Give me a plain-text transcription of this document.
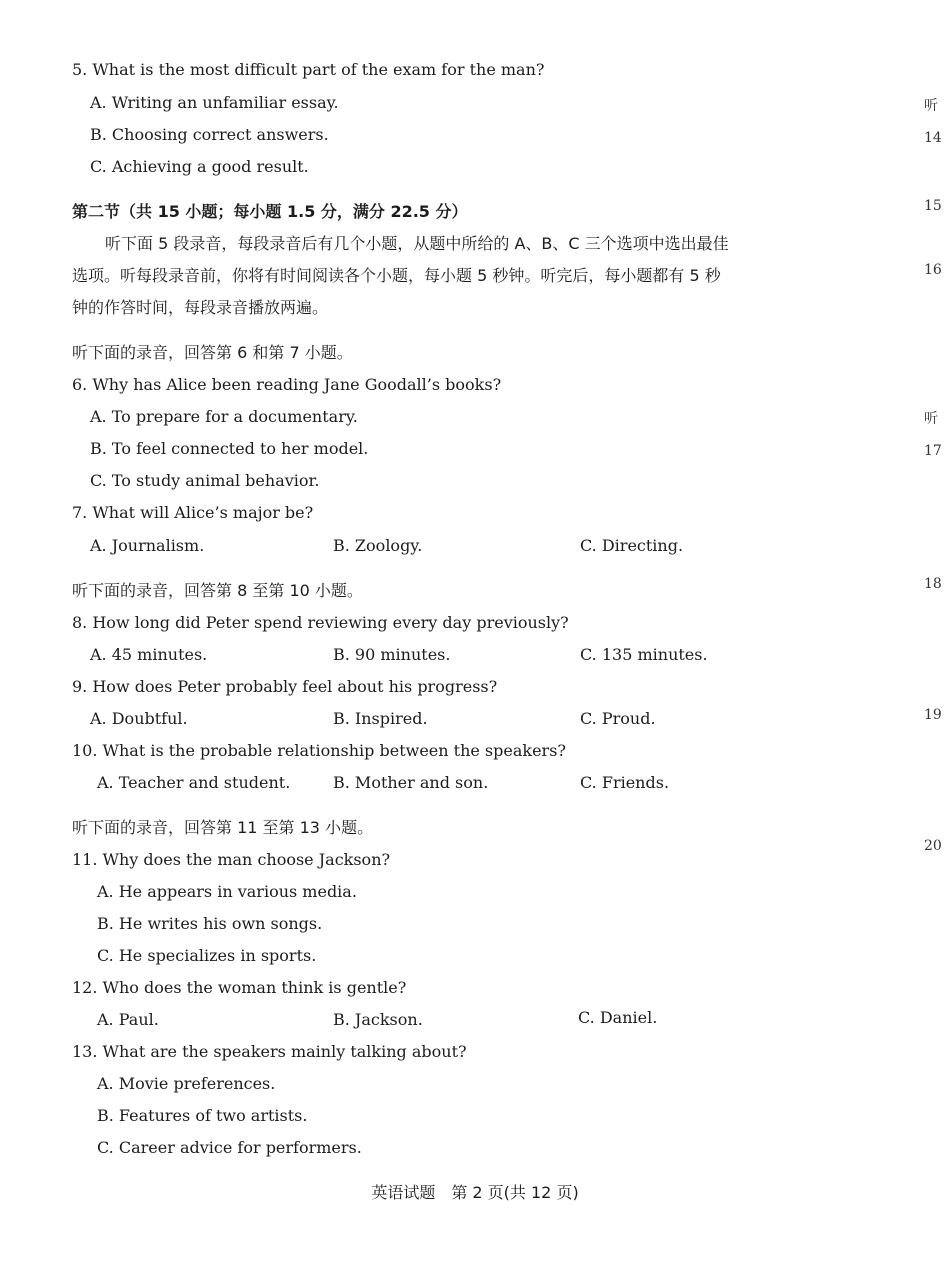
5. What is the most difficult part of the exam for the man?
A. Writing an unfamiliar essay.
B. Choosing correct answers.
C. Achieving a good result.
第二节（共 15 小题；每小题 1.5 分，满分 22.5 分）
听下面 5 段录音，每段录音后有几个小题，从题中所给的 A、B、C 三个选项中选出最佳
选项。听每段录音前，你将有时间阅读各个小题，每小题 5 秒钟。听完后，每小题都有 5 秒
钟的作答时间，每段录音播放两遍。
听下面的录音，回答第 6 和第 7 小题。
6. Why has Alice been reading Jane Goodall’s books?
A. To prepare for a documentary.
B. To feel connected to her model.
C. To study animal behavior.
7. What will Alice’s major be?
A. Journalism.	B. Zoology.	C. Directing.
听下面的录音，回答第 8 至第 10 小题。
8. How long did Peter spend reviewing every day previously?
A. 45 minutes.	B. 90 minutes.	C. 135 minutes.
9. How does Peter probably feel about his progress?
A. Doubtful.	B. Inspired.	C. Proud.
10. What is the probable relationship between the speakers?
A. Teacher and student.	B. Mother and son.	C. Friends.
听下面的录音，回答第 11 至第 13 小题。
11. Why does the man choose Jackson?
A. He appears in various media.
B. He writes his own songs.
C. He specializes in sports.
12. Who does the woman think is gentle?
A. Paul.	B. Jackson.	C. Daniel.
13. What are the speakers mainly talking about?
A. Movie preferences.
B. Features of two artists.
C. Career advice for performers.
听
14
15
16
听
17
18
19
20
英语试题　第 2 页(共 12 页)
